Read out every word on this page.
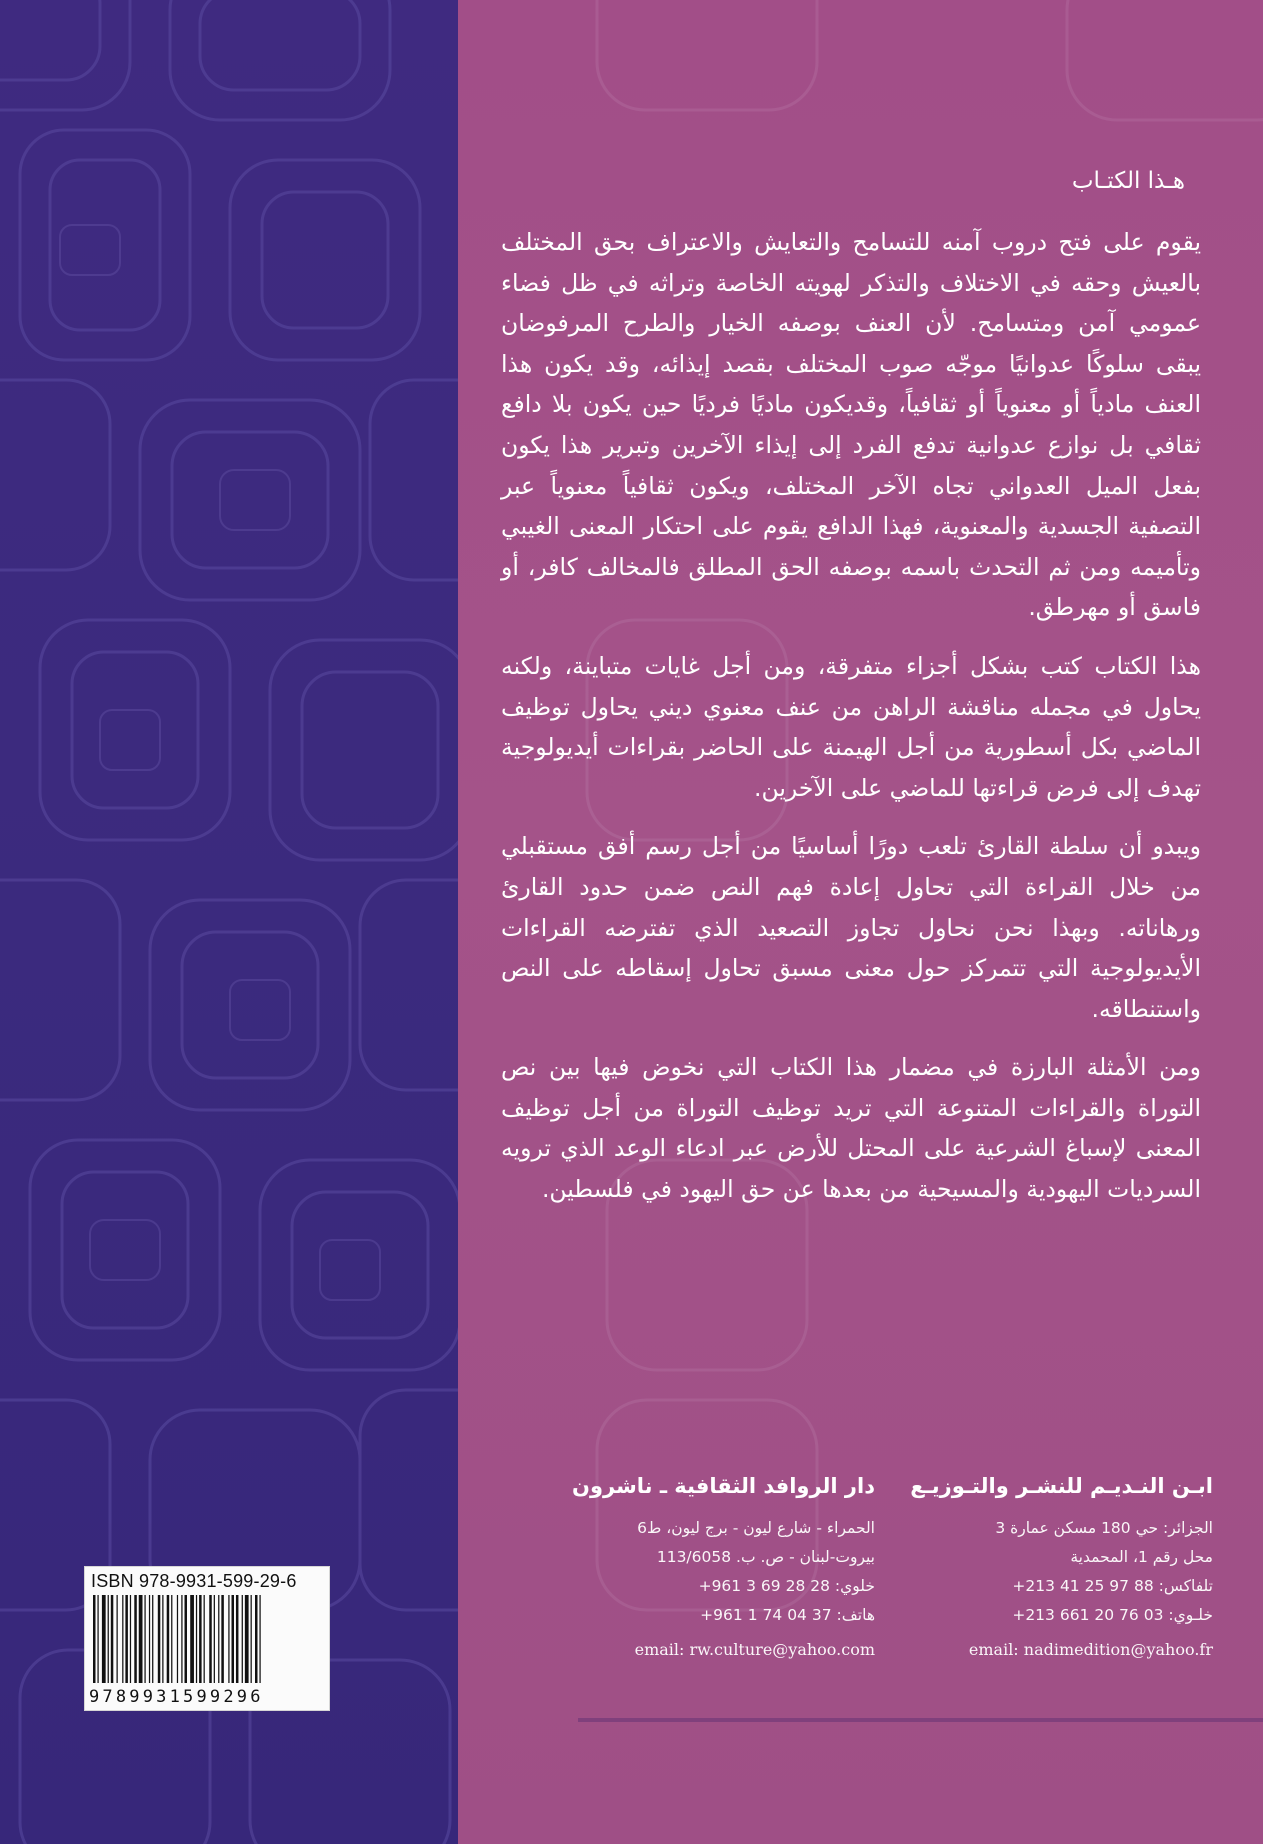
هـذا الكتـاب

يقوم على فتح دروب آمنه للتسامح والتعايش والاعتراف بحق المختلف بالعيش وحقه في الاختلاف والتذكر لهويته الخاصة وتراثه في ظل فضاء عمومي آمن ومتسامح. لأن العنف بوصفه الخيار والطرح المرفوضان يبقى سلوكًا عدوانيًا موجّه صوب المختلف بقصد إيذائه، وقد يكون هذا العنف مادياً أو معنوياً أو ثقافياً، وقديكون ماديًا فرديًا حين يكون بلا دافع ثقافي بل نوازع عدوانية تدفع الفرد إلى إيذاء الآخرين وتبرير هذا يكون بفعل الميل العدواني تجاه الآخر المختلف، ويكون ثقافياً معنوياً عبر التصفية الجسدية والمعنوية، فهذا الدافع يقوم على احتكار المعنى الغيبي وتأميمه ومن ثم التحدث باسمه بوصفه الحق المطلق فالمخالف كافر، أو فاسق أو مهرطق.

هذا الكتاب كتب بشكل أجزاء متفرقة، ومن أجل غايات متباينة، ولكنه يحاول في مجمله مناقشة الراهن من عنف معنوي ديني يحاول توظيف الماضي بكل أسطورية من أجل الهيمنة على الحاضر بقراءات أيديولوجية تهدف إلى فرض قراءتها للماضي على الآخرين.

ويبدو أن سلطة القارئ تلعب دورًا أساسيًا من أجل رسم أفق مستقبلي من خلال القراءة التي تحاول إعادة فهم النص ضمن حدود القارئ ورهاناته. وبهذا نحن نحاول تجاوز التصعيد الذي تفترضه القراءات الأيديولوجية التي تتمركز حول معنى مسبق تحاول إسقاطه على النص واستنطاقه.

ومن الأمثلة البارزة في مضمار هذا الكتاب التي نخوض فيها بين نص التوراة والقراءات المتنوعة التي تريد توظيف التوراة من أجل توظيف المعنى لإسباغ الشرعية على المحتل للأرض عبر ادعاء الوعد الذي ترويه السرديات اليهودية والمسيحية من بعدها عن حق اليهود في فلسطين.

ابـن النـديـم للنشـر والتـوزيـع
الجزائر: حي 180 مسكن عمارة 3
محل رقم 1، المحمدية
تلفاكس: 88 97 25 41 213+
خلـوي: 03 76 20 661 213+
email: nadimedition@yahoo.fr
دار الروافد الثقافية ـ ناشرون
الحمراء - شارع ليون - برج ليون، ط6
بيروت-لبنان - ص. ب. 113/6058
خلوي: 28 28 69 3 961+
هاتف: 37 04 74 1 961+
email: rw.culture@yahoo.com
ISBN 978-9931-599-29-6
9789931599296
